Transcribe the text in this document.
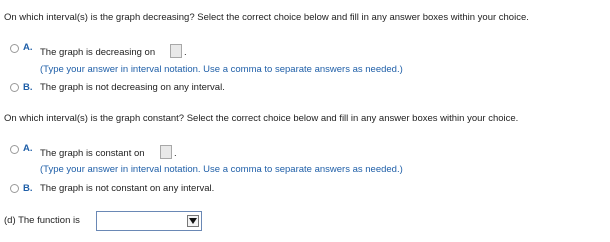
On which interval(s) is the graph decreasing? Select the correct choice below and fill in any answer boxes within your choice.
A. The graph is decreasing on	.
(Type your answer in interval notation. Use a comma to separate answers as needed.)
B. The graph is not decreasing on any interval.
On which interval(s) is the graph constant? Select the correct choice below and fill in any answer boxes within your choice.
A. The graph is constant on	.
(Type your answer in interval notation. Use a comma to separate answers as needed.)
B. The graph is not constant on any interval.
(d) The function is
